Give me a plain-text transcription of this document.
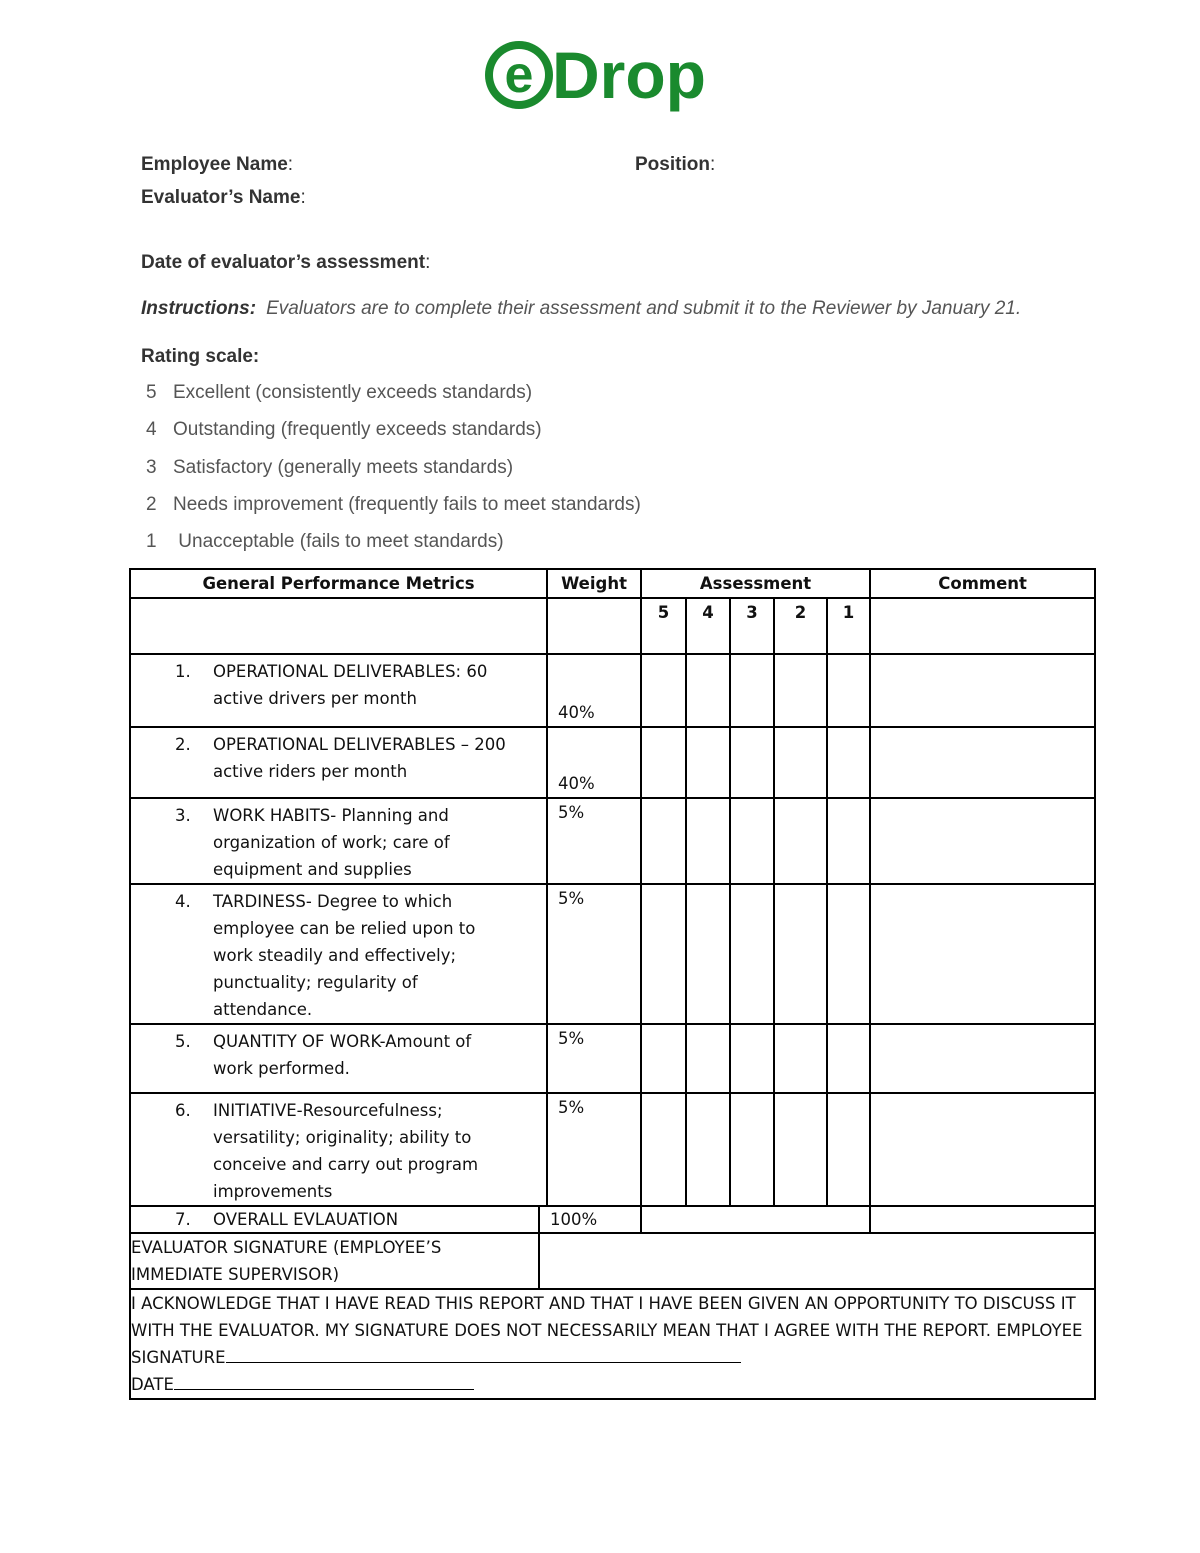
e Drop
Employee Name:	Position:
Evaluator’s Name:
Date of evaluator’s assessment:
Instructions: Evaluators are to complete their assessment and submit it to the Reviewer by January 21.
Rating scale:
5 Excellent (consistently exceeds standards)
4 Outstanding (frequently exceeds standards)
3 Satisfactory (generally meets standards)
2 Needs improvement (frequently fails to meet standards)
1 Unacceptable (fails to meet standards)
General Performance Metrics		Weight	Assessment					Comment
			5	4	3	2	1	
1. OPERATIONAL DELIVERABLES: 60 active drivers per month		40%						
2. OPERATIONAL DELIVERABLES – 200 active riders per month		40%						
3. WORK HABITS- Planning and organization of work; care of equipment and supplies		5%						
4. TARDINESS- Degree to which employee can be relied upon to work steadily and effectively; punctuality; regularity of attendance.		5%						
5. QUANTITY OF WORK-Amount of work performed.		5%						
6. INITIATIVE-Resourcefulness; versatility; originality; ability to conceive and carry out program improvements		5%						
7. OVERALL EVLAUATION	100%							
EVALUATOR SIGNATURE (EMPLOYEE’S IMMEDIATE SUPERVISOR)								
I ACKNOWLEDGE THAT I HAVE READ THIS REPORT AND THAT I HAVE BEEN GIVEN AN OPPORTUNITY TO DISCUSS IT WITH THE EVALUATOR. MY SIGNATURE DOES NOT NECESSARILY MEAN THAT I AGREE WITH THE REPORT. EMPLOYEE SIGNATURE
DATE								
